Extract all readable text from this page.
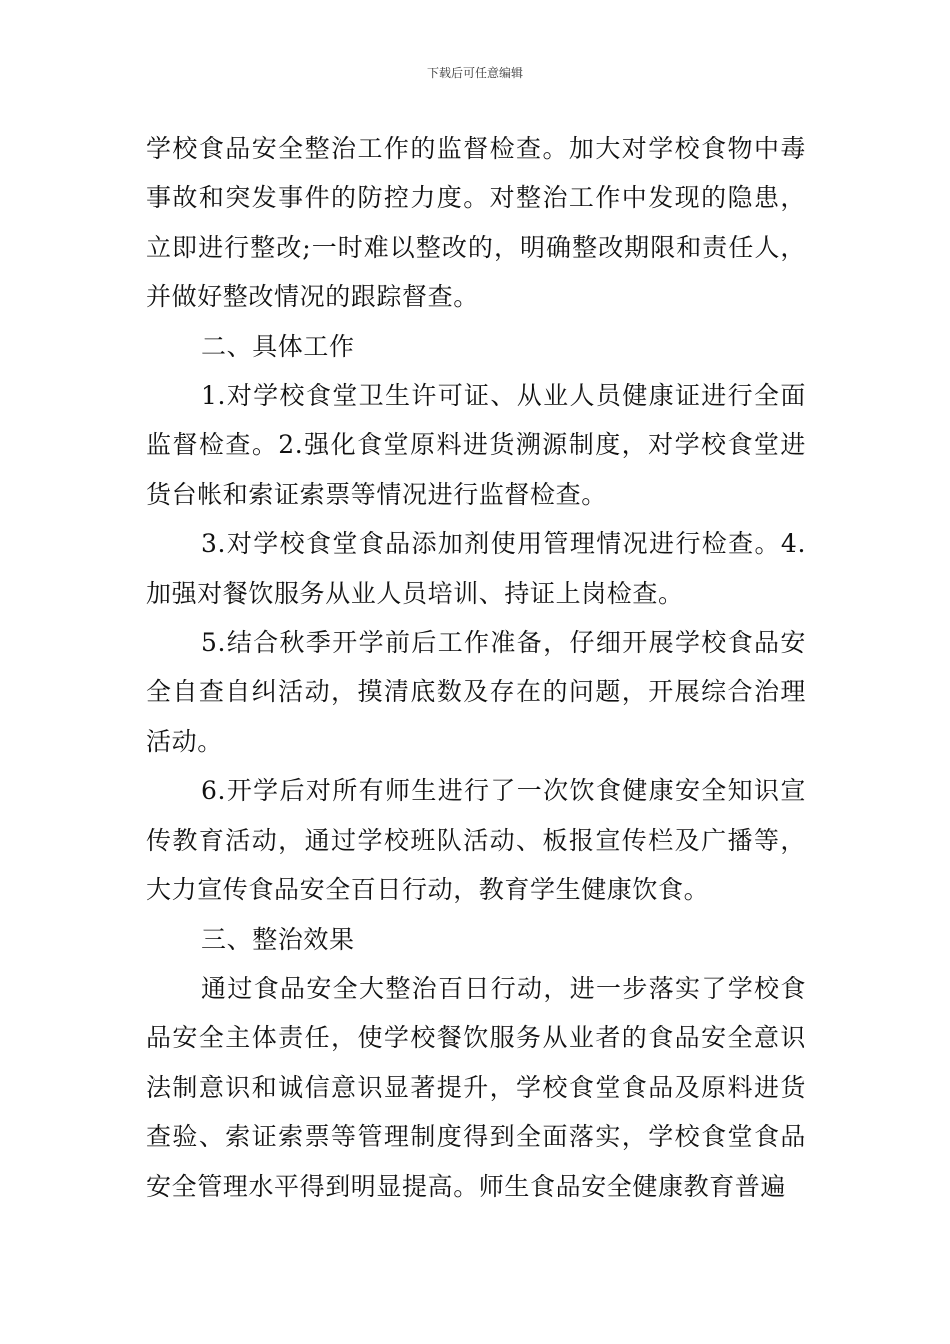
下载后可任意编辑

学校食品安全整治工作的监督检查。加大对学校食物中毒事故和突发事件的防控力度。对整治工作中发现的隐患，立即进行整改;一时难以整改的，明确整改期限和责任人，并做好整改情况的跟踪督查。

二、具体工作

1.对学校食堂卫生许可证、从业人员健康证进行全面监督检查。2.强化食堂原料进货溯源制度，对学校食堂进货台帐和索证索票等情况进行监督检查。

3.对学校食堂食品添加剂使用管理情况进行检查。4.加强对餐饮服务从业人员培训、持证上岗检查。

5.结合秋季开学前后工作准备，仔细开展学校食品安全自查自纠活动，摸清底数及存在的问题，开展综合治理活动。

6.开学后对所有师生进行了一次饮食健康安全知识宣传教育活动，通过学校班队活动、板报宣传栏及广播等，大力宣传食品安全百日行动，教育学生健康饮食。

三、整治效果

通过食品安全大整治百日行动，进一步落实了学校食品安全主体责任，使学校餐饮服务从业者的食品安全意识法制意识和诚信意识显著提升，学校食堂食品及原料进货查验、索证索票等管理制度得到全面落实，学校食堂食品安全管理水平得到明显提高。师生食品安全健康教育普遍
